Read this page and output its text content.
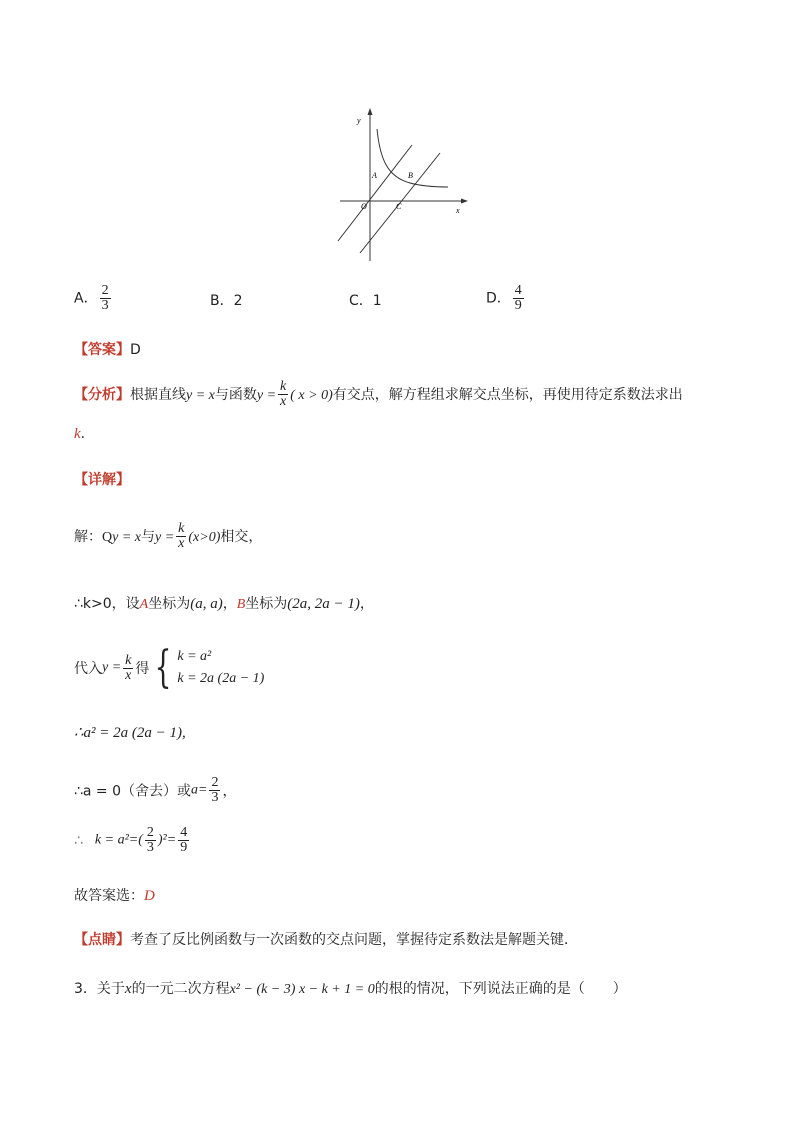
y
x
O
A	B
C
A． $\frac{2}{3}$	B．2	C．1	D． $\frac{4}{9}$
【答案】D
【分析】根据直线y = x与函数$y = \frac{k}{x}$ ( x > 0)有交点，解方程组求解交点坐标，再使用待定系数法求出
k.
【详解】
解：Qy = x与$y = \frac{k}{x} (x>0)$相交，
∴k>0，设A坐标为(a, a)，B坐标为(2a, 2a − 1)，
代入$y = \frac{k}{x}$ 得 { k = a²
k = 2a (2a − 1)
∴a² = 2a (2a − 1),
∴a = 0（舍去）或$a= \frac{2}{3}$ ，
∴ $k = a^2=( \frac{2}{3} )^2= \frac{4}{9}$
故答案选：D
【点睛】考查了反比例函数与一次函数的交点问题，掌握待定系数法是解题关键．
3．关于x的一元二次方程x² − (k − 3) x − k + 1 = 0的根的情况，下列说法正确的是（　　）
